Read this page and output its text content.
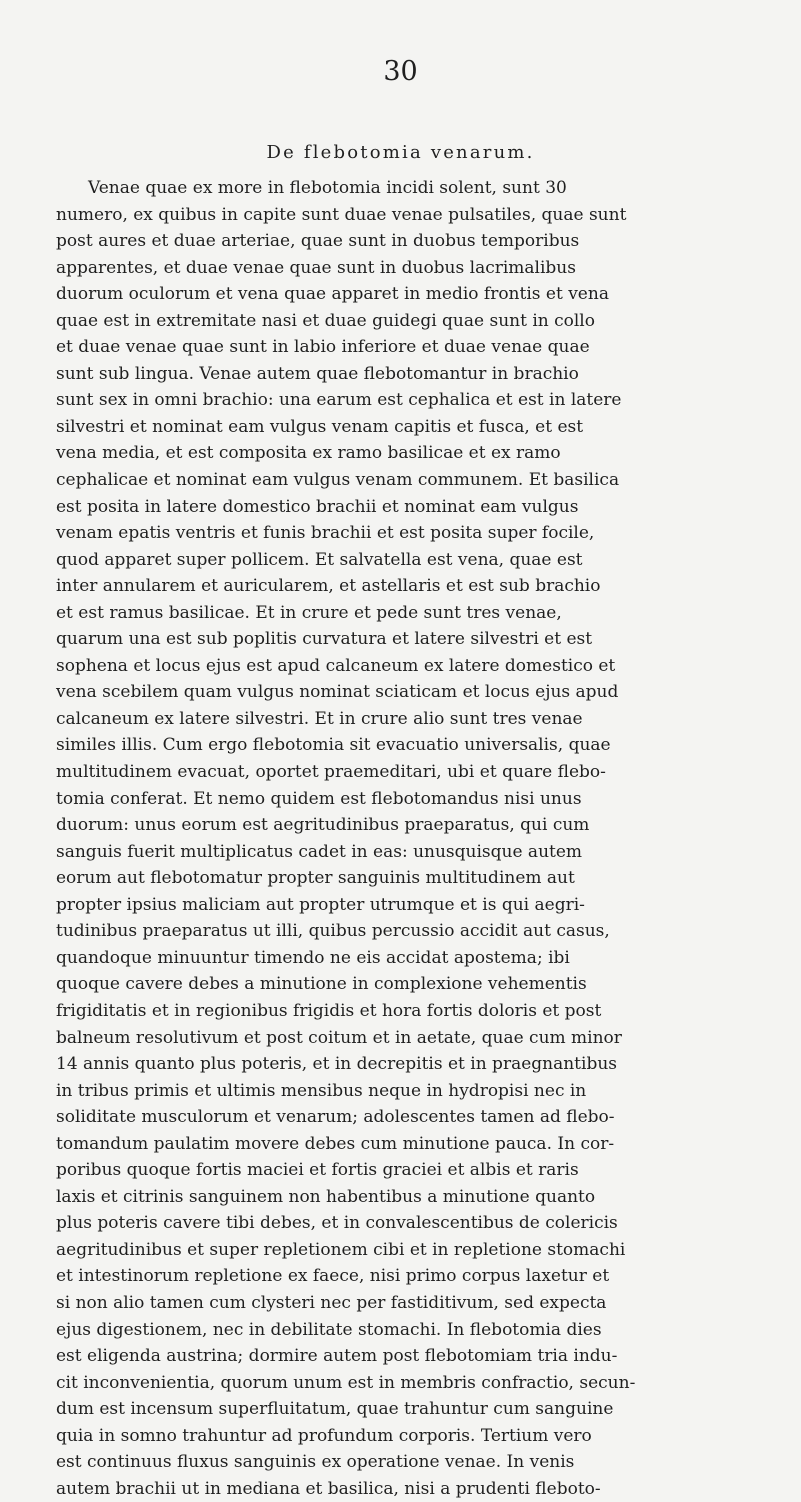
30
De flebotomia venarum.
Venae quae ex more in flebotomia incidi solent, sunt 30
numero, ex quibus in capite sunt duae venae pulsatiles, quae sunt
post aures et duae arteriae, quae sunt in duobus temporibus
apparentes, et duae venae quae sunt in duobus lacrimalibus
duorum oculorum et vena quae apparet in medio frontis et vena
quae est in extremitate nasi et duae guidegi quae sunt in collo
et duae venae quae sunt in labio inferiore et duae venae quae
sunt sub lingua. Venae autem quae flebotomantur in brachio
sunt sex in omni brachio: una earum est cephalica et est in latere
silvestri et nominat eam vulgus venam capitis et fusca, et est
vena media, et est composita ex ramo basilicae et ex ramo
cephalicae et nominat eam vulgus venam communem. Et basilica
est posita in latere domestico brachii et nominat eam vulgus
venam epatis ventris et funis brachii et est posita super focile,
quod apparet super pollicem. Et salvatella est vena, quae est
inter annularem et auricularem, et astellaris et est sub brachio
et est ramus basilicae. Et in crure et pede sunt tres venae,
quarum una est sub poplitis curvatura et latere silvestri et est
sophena et locus ejus est apud calcaneum ex latere domestico et
vena scebilem quam vulgus nominat sciaticam et locus ejus apud
calcaneum ex latere silvestri. Et in crure alio sunt tres venae
similes illis. Cum ergo flebotomia sit evacuatio universalis, quae
multitudinem evacuat, oportet praemeditari, ubi et quare flebo-
tomia conferat. Et nemo quidem est flebotomandus nisi unus
duorum: unus eorum est aegritudinibus praeparatus, qui cum
sanguis fuerit multiplicatus cadet in eas: unusquisque autem
eorum aut flebotomatur propter sanguinis multitudinem aut
propter ipsius maliciam aut propter utrumque et is qui aegri-
tudinibus praeparatus ut illi, quibus percussio accidit aut casus,
quandoque minuuntur timendo ne eis accidat apostema; ibi
quoque cavere debes a minutione in complexione vehementis
frigiditatis et in regionibus frigidis et hora fortis doloris et post
balneum resolutivum et post coitum et in aetate, quae cum minor
14 annis quanto plus poteris, et in decrepitis et in praegnantibus
in tribus primis et ultimis mensibus neque in hydropisi nec in
soliditate musculorum et venarum; adolescentes tamen ad flebo-
tomandum paulatim movere debes cum minutione pauca. In cor-
poribus quoque fortis maciei et fortis graciei et albis et raris
laxis et citrinis sanguinem non habentibus a minutione quanto
plus poteris cavere tibi debes, et in convalescentibus de colericis
aegritudinibus et super repletionem cibi et in repletione stomachi
et intestinorum repletione ex faece, nisi primo corpus laxetur et
si non alio tamen cum clysteri nec per fastiditivum, sed expecta
ejus digestionem, nec in debilitate stomachi. In flebotomia dies
est eligenda austrina; dormire autem post flebotomiam tria indu-
cit inconvenientia, quorum unum est in membris confractio, secun-
dum est incensum superfluitatum, quae trahuntur cum sanguine
quia in somno trahuntur ad profundum corporis. Tertium vero
est continuus fluxus sanguinis ex operatione venae. In venis
autem brachii ut in mediana et basilica, nisi a prudenti fleboto-
